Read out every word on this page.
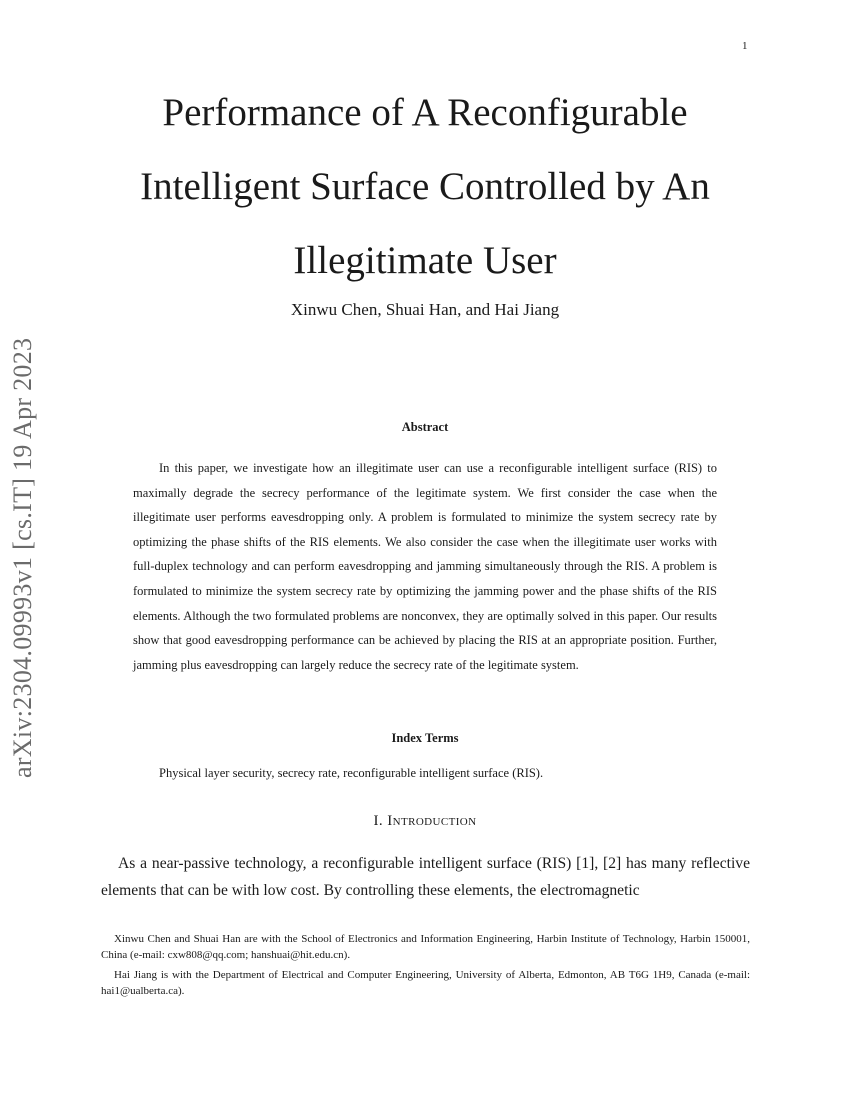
1
arXiv:2304.09993v1 [cs.IT] 19 Apr 2023
Performance of A Reconfigurable
Intelligent Surface Controlled by An
Illegitimate User
Xinwu Chen, Shuai Han, and Hai Jiang
Abstract

In this paper, we investigate how an illegitimate user can use a reconfigurable intelligent surface (RIS) to maximally degrade the secrecy performance of the legitimate system. We first consider the case when the illegitimate user performs eavesdropping only. A problem is formulated to minimize the system secrecy rate by optimizing the phase shifts of the RIS elements. We also consider the case when the illegitimate user works with full-duplex technology and can perform eavesdropping and jamming simultaneously through the RIS. A problem is formulated to minimize the system secrecy rate by optimizing the jamming power and the phase shifts of the RIS elements. Although the two formulated problems are nonconvex, they are optimally solved in this paper. Our results show that good eavesdropping performance can be achieved by placing the RIS at an appropriate position. Further, jamming plus eavesdropping can largely reduce the secrecy rate of the legitimate system.

Index Terms
Physical layer security, secrecy rate, reconfigurable intelligent surface (RIS).
I. Introduction

As a near-passive technology, a reconfigurable intelligent surface (RIS) [1], [2] has many reflective elements that can be with low cost. By controlling these elements, the electromagnetic

Xinwu Chen and Shuai Han are with the School of Electronics and Information Engineering, Harbin Institute of Technology, Harbin 150001, China (e-mail: cxw808@qq.com; hanshuai@hit.edu.cn).

Hai Jiang is with the Department of Electrical and Computer Engineering, University of Alberta, Edmonton, AB T6G 1H9, Canada (e-mail: hai1@ualberta.ca).
